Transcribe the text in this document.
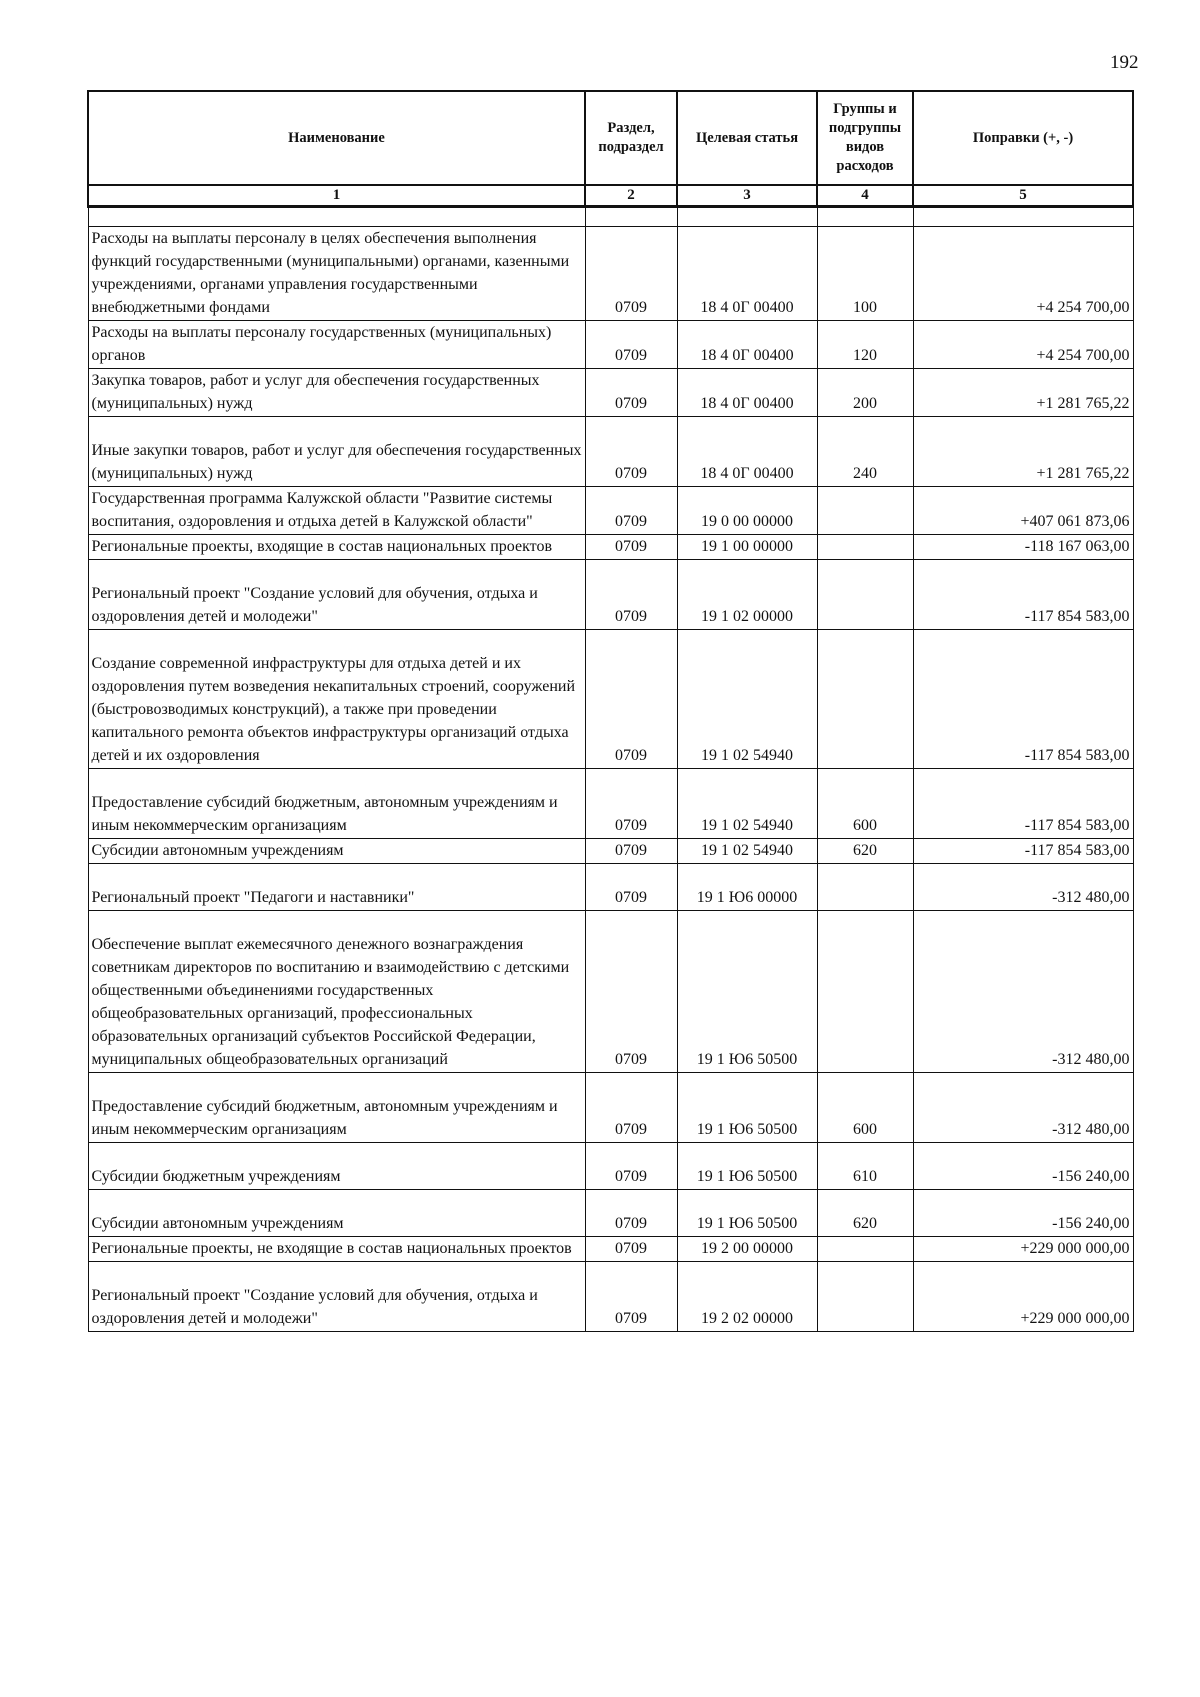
192
Наименование	Раздел, подраздел	Целевая статья	Группы и подгруппы видов расходов	Поправки (+, -)
1	2	3	4	5

Расходы на выплаты персоналу в целях обеспечения выполнения функций государственными (муниципальными) органами, казенными учреждениями, органами управления государственными внебюджетными фондами	0709	18 4 0Г 00400	100	+4 254 700,00
Расходы на выплаты персоналу государственных (муниципальных) органов	0709	18 4 0Г 00400	120	+4 254 700,00
Закупка товаров, работ и услуг для обеспечения государственных (муниципальных) нужд	0709	18 4 0Г 00400	200	+1 281 765,22
Иные закупки товаров, работ и услуг для обеспечения государственных (муниципальных) нужд	0709	18 4 0Г 00400	240	+1 281 765,22
Государственная программа Калужской области "Развитие системы воспитания, оздоровления и отдыха детей в Калужской области"	0709	19 0 00 00000		+407 061 873,06
Региональные проекты, входящие в состав национальных проектов	0709	19 1 00 00000		-118 167 063,00
Региональный проект "Создание условий для обучения, отдыха и оздоровления детей и молодежи"	0709	19 1 02 00000		-117 854 583,00
Создание современной инфраструктуры для отдыха детей и их оздоровления путем возведения некапитальных строений, сооружений (быстровозводимых конструкций), а также при проведении капитального ремонта объектов инфраструктуры организаций отдыха детей и их оздоровления	0709	19 1 02 54940		-117 854 583,00
Предоставление субсидий бюджетным, автономным учреждениям и иным некоммерческим организациям	0709	19 1 02 54940	600	-117 854 583,00
Субсидии автономным учреждениям	0709	19 1 02 54940	620	-117 854 583,00
Региональный проект "Педагоги и наставники"	0709	19 1 Ю6 00000		-312 480,00
Обеспечение выплат ежемесячного денежного вознаграждения советникам директоров по воспитанию и взаимодействию с детскими общественными объединениями государственных общеобразовательных организаций, профессиональных образовательных организаций субъектов Российской Федерации, муниципальных общеобразовательных организаций	0709	19 1 Ю6 50500		-312 480,00
Предоставление субсидий бюджетным, автономным учреждениям и иным некоммерческим организациям	0709	19 1 Ю6 50500	600	-312 480,00
Субсидии бюджетным учреждениям	0709	19 1 Ю6 50500	610	-156 240,00
Субсидии автономным учреждениям	0709	19 1 Ю6 50500	620	-156 240,00
Региональные проекты, не входящие в состав национальных проектов	0709	19 2 00 00000		+229 000 000,00
Региональный проект "Создание условий для обучения, отдыха и оздоровления детей и молодежи"	0709	19 2 02 00000		+229 000 000,00
